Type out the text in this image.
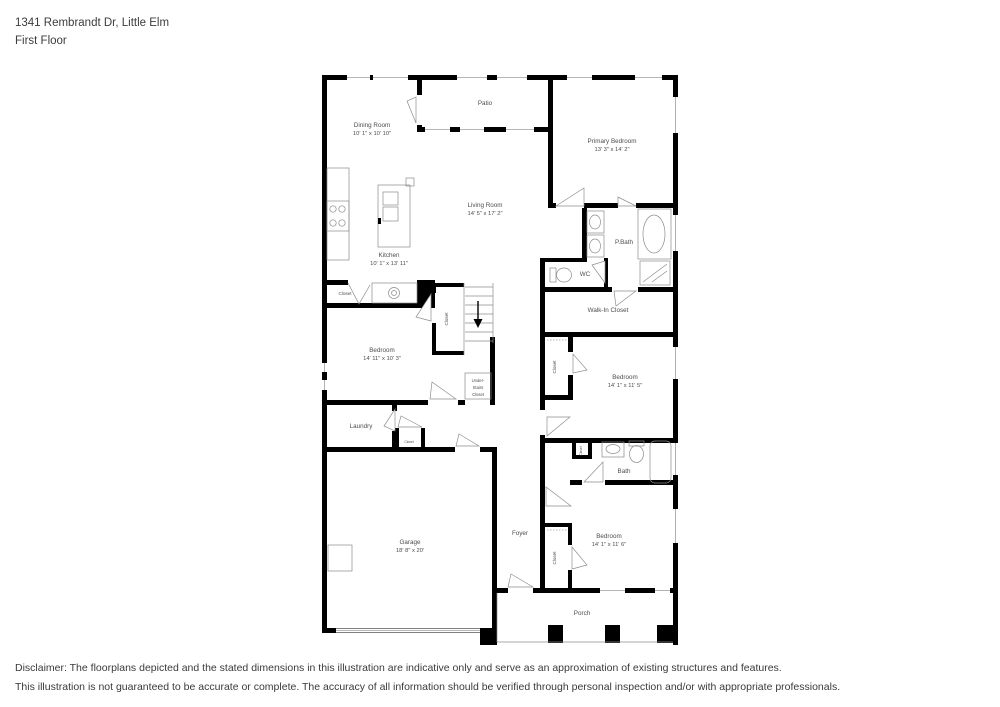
1341 Rembrandt Dr, Little Elm
First Floor
Patio
Dining Room
10' 1" x 10' 10"
Primary Bedroom
13' 3" x 14' 2"
Living Room
14' 5" x 17' 2"
Kitchen
10' 1" x 13' 11"
P.Bath
WC
Walk-In Closet
Closet
Closet
Under-
Stairs
Closet
Bedroom
14' 11" x 10' 3"
Bedroom
14' 1" x 11' 5"
Closet
Laundry
Closet
Bath
Closet
Garage
18' 8" x 20'
Foyer	Bedroom
14' 1" x 11' 6"
Closet
Porch
Disclaimer: The floorplans depicted and the stated dimensions in this illustration are indicative only and serve as an approximation of existing structures and features.
This illustration is not guaranteed to be accurate or complete. The accuracy of all information should be verified through personal inspection and/or with appropriate professionals.
